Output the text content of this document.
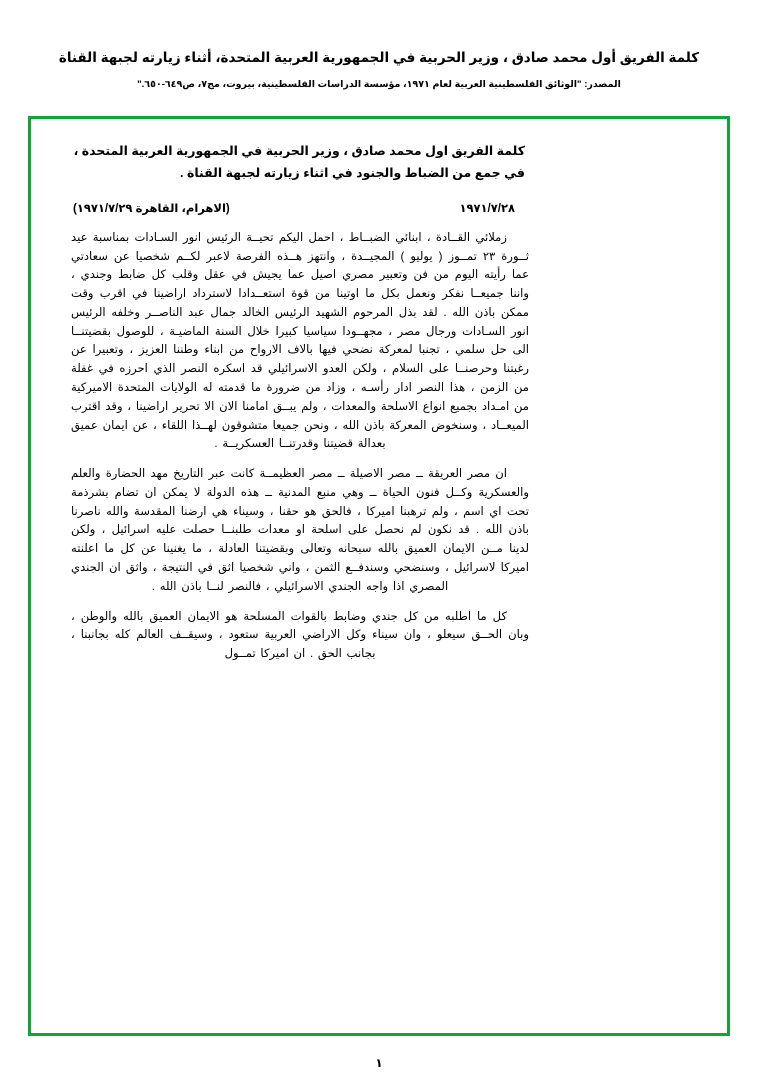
كلمة الفريق أول محمد صادق ، وزير الحربية في الجمهورية العربية المتحدة، أثناء زيارته لجبهة القناة
المصدر: "الوثائق الفلسطينية العربية لعام ١٩٧١، مؤسسة الدراسات الفلسطينية، بيروت، مج٧، ص٦٤٩-٦٥٠."
كلمة الفريق اول محمد صادق ، وزير الحربية في الجمهورية العربية المتحدة ، في جمع من الضباط والجنود في اثناء زيارته لجبهة القناة .
١٩٧١/٧/٢٨
(الاهرام، القاهرة ١٩٧١/٧/٢٩)

زملائي القــادة ، ابنائي الضبــاط ، احمل اليكم تحيــة الرئيس انور السـادات بمناسبة عيد ثــورة ٢٣ تمــوز ( يوليو ) المجيــدة ، وانتهز هــذه الفرصة لاعبر لكــم شخصيا عن سعادتي عما رأيته اليوم من فن وتعبير مصري اصيل عما يجيش في عقل وقلب كل ضابط وجندي ، واننا جميعــا نفكر ونعمل بكل ما اوتينا من قوة استعــدادا لاسترداد اراضينا في اقرب وقت ممكن باذن الله . لقد بذل المرحوم الشهيد الرئيس الخالد جمال عبد الناصــر وخلفه الرئيس انور السـادات ورجال مصر ، مجهــودا سياسيا كبيرا خلال السنة الماضيـة ، للوصول بقضيتنــا الى حل سلمي ، تجنبا لمعركة نضحي فيها بالاف الارواح من ابناء وطننا العزيز ، وتعبيرا عن رغبتنا وحرصنــا على السلام ، ولكن العدو الاسرائيلي قد اسكره النصر الذي احرزه في غفلة من الزمن ، هذا النصر ادار رأسـه ، وزاد من ضرورة ما قدمته له الولايات المتحدة الاميركية من امـداد بجميع انواع الاسلحة والمعدات ، ولم يبــق امامنا الان الا تحرير اراضينا ، وقد اقترب الميعــاد ، وسنخوض المعركة باذن الله ، ونحن جميعا متشوقون لهــذا اللقاء ، عن ايمان عميق بعدالة قضيتنا وقدرتنــا العسكريــة .

ان مصر العريقة ــ مصر الاصيلة ــ مصر العظيمــة كانت عبر التاريخ مهد الحضارة والعلم والعسكرية وكــل فنون الحياة ــ وهي منبع المدنية ــ هذه الدولة لا يمكن ان تضام بشرذمة تحت اي اسم ، ولم ترهبنا اميركا ، فالحق هو حقنا ، وسيناء هي ارضنا المقدسة والله ناصرنا باذن الله . قد نكون لم نحصل على اسلحة او معدات طلبنــا حصلت عليه اسرائيل ، ولكن لدينا مــن الايمان العميق بالله سبحانه وتعالى وبقضيتنا العادلة ، ما يغنينا عن كل ما اعلنته اميركا لاسرائيل ، وسنضحي وسندفــع الثمن ، واني شخصيا اثق في النتيجة ، واثق ان الجندي المصري اذا واجه الجندي الاسرائيلي ، فالنصر لنــا باذن الله .

كل ما اطلبه من كل جندي وضابط بالقوات المسلحة هو الايمان العميق بالله والوطن ، وبان الحــق سيعلو ، وان سيناء وكل الاراضي العربية ستعود ، وسيقــف العالم كله بجانبنا ، بجانب الحق . ان اميركا تمــول

١
